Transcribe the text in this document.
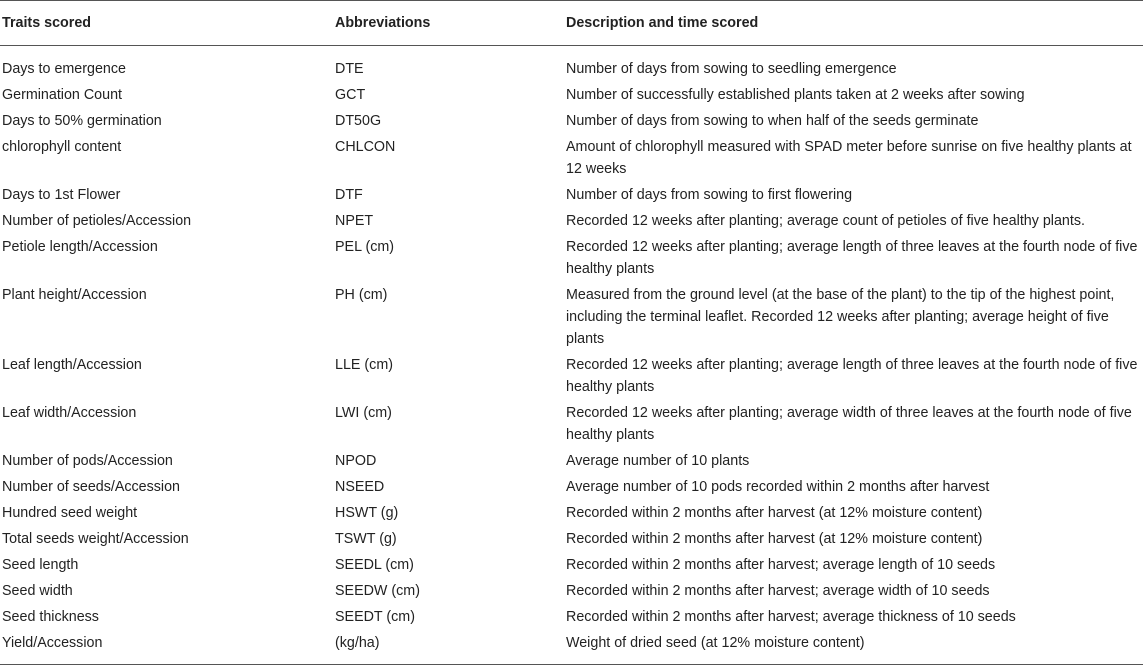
Traits scored	Abbreviations	Description and time scored
Days to emergence	DTE	Number of days from sowing to seedling emergence
Germination Count	GCT	Number of successfully established plants taken at 2 weeks after sowing
Days to 50% germination	DT50G	Number of days from sowing to when half of the seeds germinate
chlorophyll content	CHLCON	Amount of chlorophyll measured with SPAD meter before sunrise on five healthy plants at 12 weeks
Days to 1st Flower	DTF	Number of days from sowing to first flowering
Number of petioles/Accession	NPET	Recorded 12 weeks after planting; average count of petioles of five healthy plants.
Petiole length/Accession	PEL (cm)	Recorded 12 weeks after planting; average length of three leaves at the fourth node of five healthy plants
Plant height/Accession	PH (cm)	Measured from the ground level (at the base of the plant) to the tip of the highest point, including the terminal leaflet. Recorded 12 weeks after planting; average height of five plants
Leaf length/Accession	LLE (cm)	Recorded 12 weeks after planting; average length of three leaves at the fourth node of five healthy plants
Leaf width/Accession	LWI (cm)	Recorded 12 weeks after planting; average width of three leaves at the fourth node of five healthy plants
Number of pods/Accession	NPOD	Average number of 10 plants
Number of seeds/Accession	NSEED	Average number of 10 pods recorded within 2 months after harvest
Hundred seed weight	HSWT (g)	Recorded within 2 months after harvest (at 12% moisture content)
Total seeds weight/Accession	TSWT (g)	Recorded within 2 months after harvest (at 12% moisture content)
Seed length	SEEDL (cm)	Recorded within 2 months after harvest; average length of 10 seeds
Seed width	SEEDW (cm)	Recorded within 2 months after harvest; average width of 10 seeds
Seed thickness	SEEDT (cm)	Recorded within 2 months after harvest; average thickness of 10 seeds
Yield/Accession	(kg/ha)	Weight of dried seed (at 12% moisture content)
